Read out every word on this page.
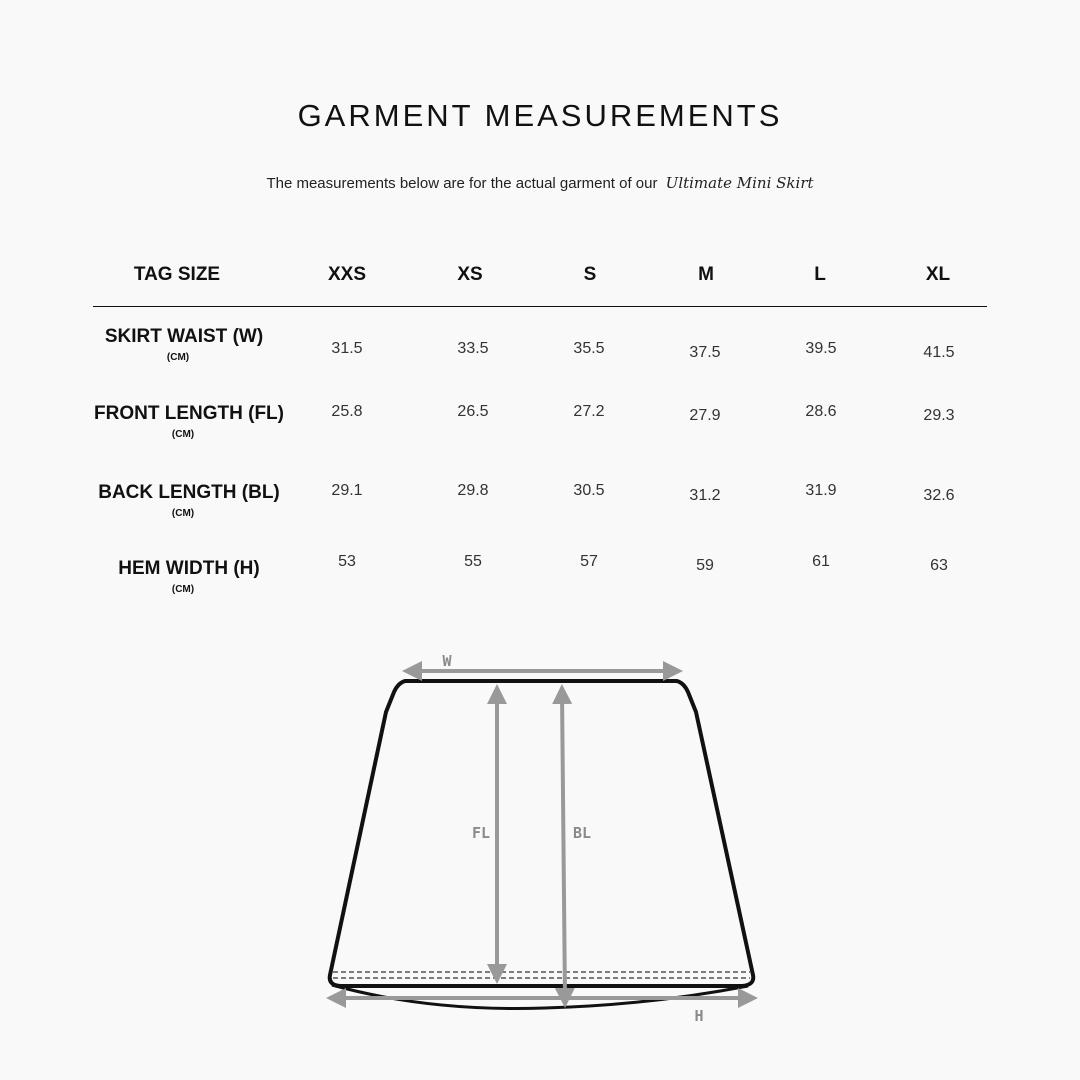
GARMENT MEASUREMENTS
The measurements below are for the actual garment of our Ultimate Mini Skirt
TAG SIZE	XXS	XS	S	M	L	XL
SKIRT WAIST (W)
(CM)
31.5	33.5	35.5	37.5	39.5	41.5
FRONT LENGTH (FL)
(CM)
25.8	26.5	27.2	27.9	28.6	29.3
BACK LENGTH (BL)
(CM)
29.1	29.8	30.5	31.2	31.9	32.6
HEM WIDTH (H)
(CM)
53	55	57	59	61	63
W
FL	BL
H
